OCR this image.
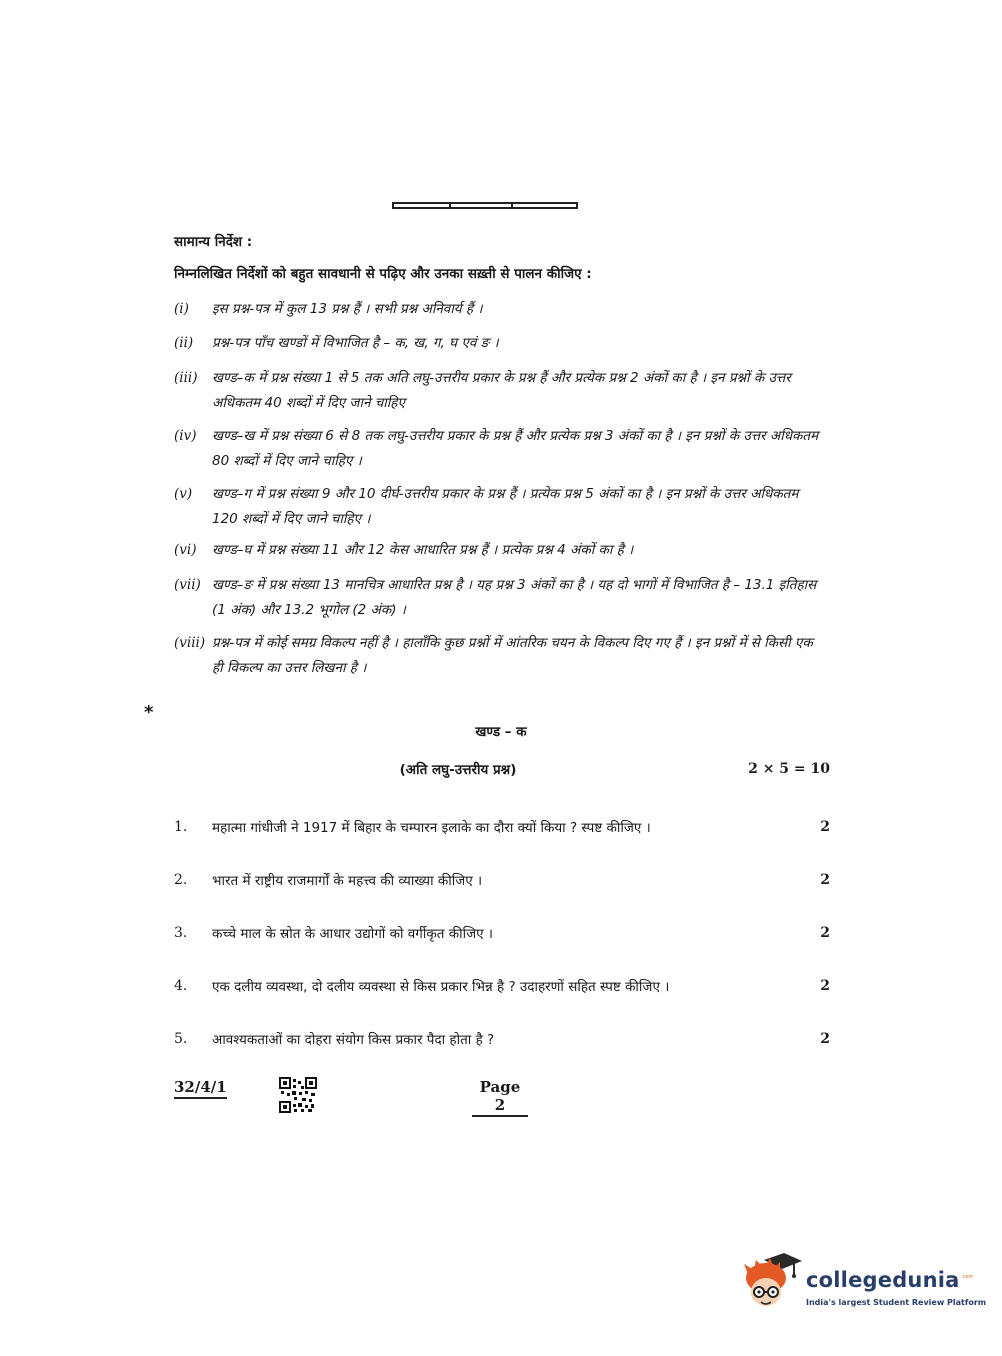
सामान्य निर्देश :
निम्नलिखित निर्देशों को बहुत सावधानी से पढ़िए और उनका सख़्ती से पालन कीजिए :
(i) इस प्रश्न-पत्र में कुल 13 प्रश्न हैं । सभी प्रश्न अनिवार्य हैं ।
(ii) प्रश्न-पत्र पाँच खण्डों में विभाजित है – क, ख, ग, घ एवं ङ ।
(iii) खण्ड–क में प्रश्न संख्या 1 से 5 तक अति लघु-उत्तरीय प्रकार के प्रश्न हैं और प्रत्येक प्रश्न 2 अंकों का है । इन प्रश्नों के उत्तर अधिकतम 40 शब्दों में दिए जाने चाहिए
(iv) खण्ड–ख में प्रश्न संख्या 6 से 8 तक लघु-उत्तरीय प्रकार के प्रश्न हैं और प्रत्येक प्रश्न 3 अंकों का है । इन प्रश्नों के उत्तर अधिकतम 80 शब्दों में दिए जाने चाहिए ।
(v) खण्ड–ग में प्रश्न संख्या 9 और 10 दीर्घ-उत्तरीय प्रकार के प्रश्न हैं । प्रत्येक प्रश्न 5 अंकों का है । इन प्रश्नों के उत्तर अधिकतम 120 शब्दों में दिए जाने चाहिए ।
(vi) खण्ड–घ में प्रश्न संख्या 11 और 12 केस आधारित प्रश्न हैं । प्रत्येक प्रश्न 4 अंकों का है ।
(vii) खण्ड–ङ में प्रश्न संख्या 13 मानचित्र आधारित प्रश्न है । यह प्रश्न 3 अंकों का है । यह दो भागों में विभाजित है – 13.1 इतिहास (1 अंक) और 13.2 भूगोल (2 अंक) ।
(viii) प्रश्न-पत्र में कोई समग्र विकल्प नहीं है । हालाँकि कुछ प्रश्नों में आंतरिक चयन के विकल्प दिए गए हैं । इन प्रश्नों में से किसी एक ही विकल्प का उत्तर लिखना है ।
*
खण्ड – क
(अति लघु-उत्तरीय प्रश्न)	2 × 5 = 10
1. महात्मा गांधीजी ने 1917 में बिहार के चम्पारन इलाके का दौरा क्यों किया ? स्पष्ट कीजिए ।	2
2. भारत में राष्ट्रीय राजमार्गों के महत्त्व की व्याख्या कीजिए ।	2
3. कच्चे माल के स्रोत के आधार उद्योगों को वर्गीकृत कीजिए ।	2
4. एक दलीय व्यवस्था, दो दलीय व्यवस्था से किस प्रकार भिन्न है ? उदाहरणों सहित स्पष्ट कीजिए ।	2
5. आवश्यकताओं का दोहरा संयोग किस प्रकार पैदा होता है ?	2
32/4/1	Page 2
collegedunia .com
India's largest Student Review Platform
